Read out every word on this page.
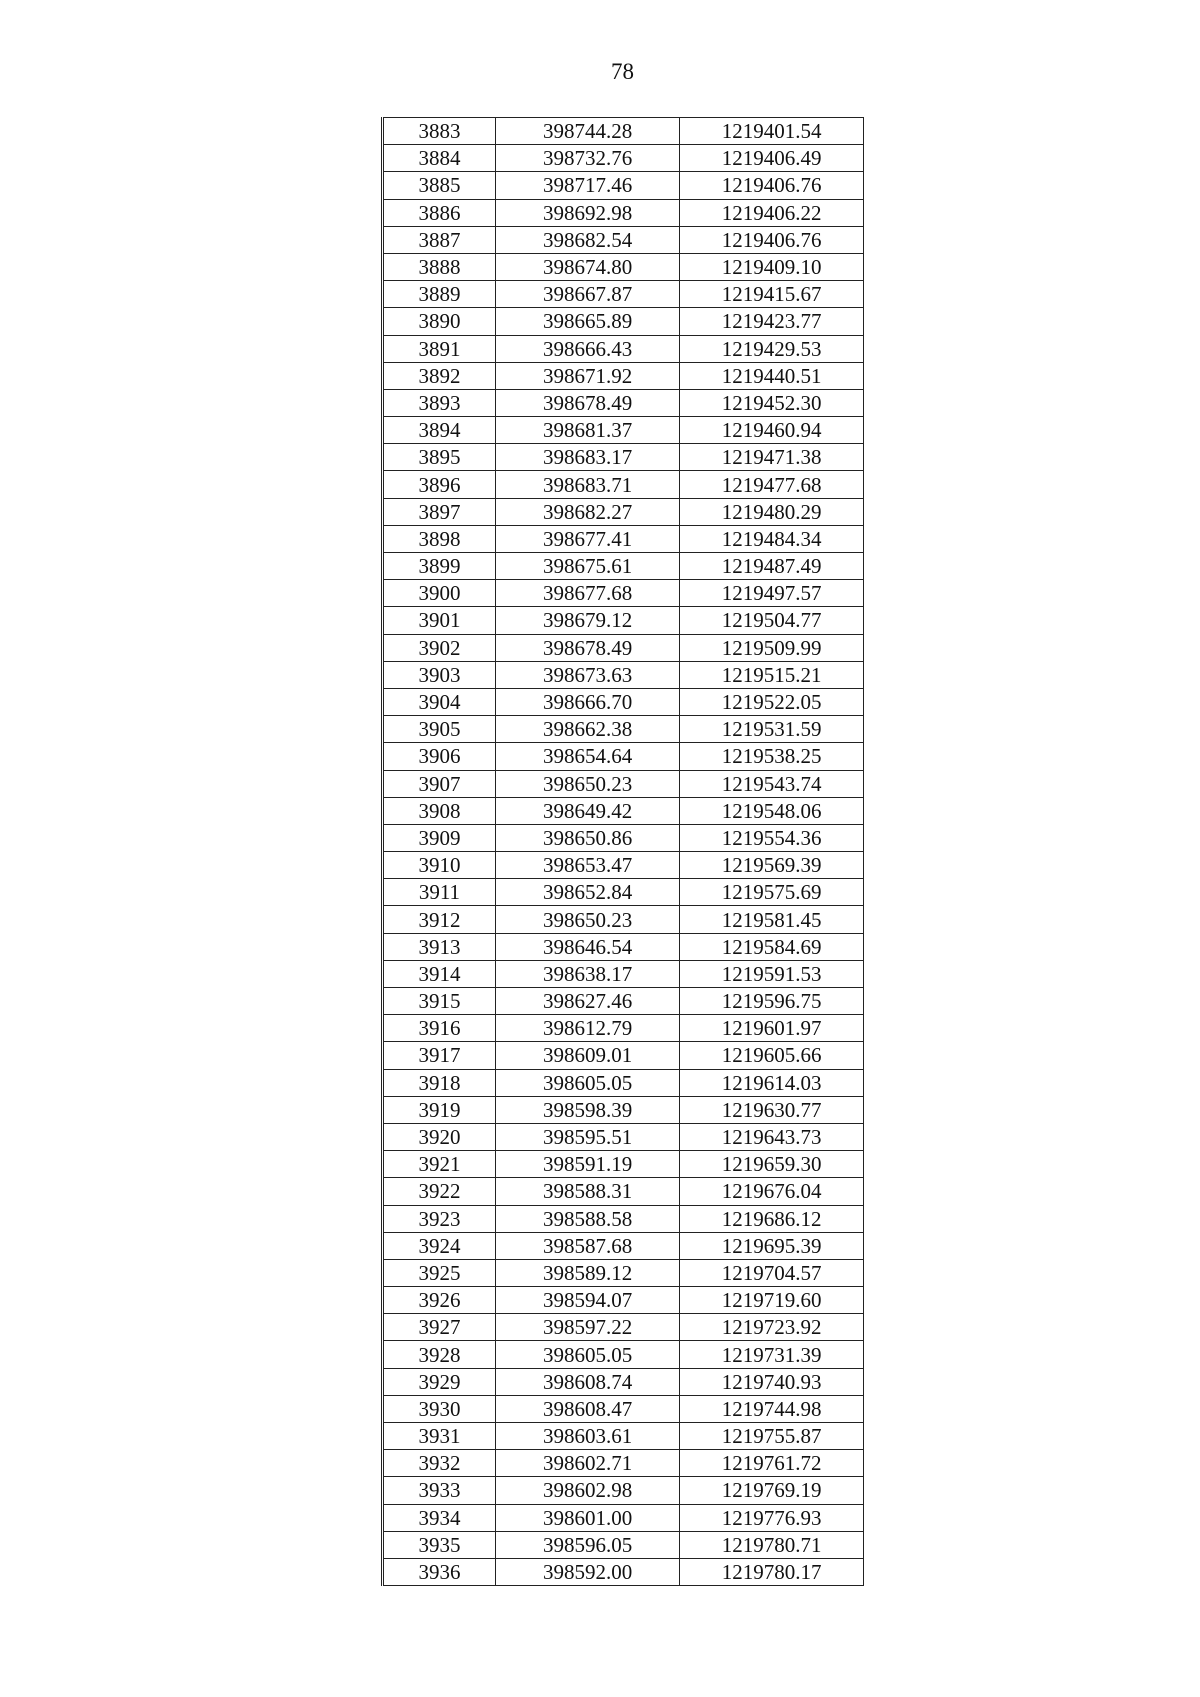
78
3883	398744.28	1219401.54
3884	398732.76	1219406.49
3885	398717.46	1219406.76
3886	398692.98	1219406.22
3887	398682.54	1219406.76
3888	398674.80	1219409.10
3889	398667.87	1219415.67
3890	398665.89	1219423.77
3891	398666.43	1219429.53
3892	398671.92	1219440.51
3893	398678.49	1219452.30
3894	398681.37	1219460.94
3895	398683.17	1219471.38
3896	398683.71	1219477.68
3897	398682.27	1219480.29
3898	398677.41	1219484.34
3899	398675.61	1219487.49
3900	398677.68	1219497.57
3901	398679.12	1219504.77
3902	398678.49	1219509.99
3903	398673.63	1219515.21
3904	398666.70	1219522.05
3905	398662.38	1219531.59
3906	398654.64	1219538.25
3907	398650.23	1219543.74
3908	398649.42	1219548.06
3909	398650.86	1219554.36
3910	398653.47	1219569.39
3911	398652.84	1219575.69
3912	398650.23	1219581.45
3913	398646.54	1219584.69
3914	398638.17	1219591.53
3915	398627.46	1219596.75
3916	398612.79	1219601.97
3917	398609.01	1219605.66
3918	398605.05	1219614.03
3919	398598.39	1219630.77
3920	398595.51	1219643.73
3921	398591.19	1219659.30
3922	398588.31	1219676.04
3923	398588.58	1219686.12
3924	398587.68	1219695.39
3925	398589.12	1219704.57
3926	398594.07	1219719.60
3927	398597.22	1219723.92
3928	398605.05	1219731.39
3929	398608.74	1219740.93
3930	398608.47	1219744.98
3931	398603.61	1219755.87
3932	398602.71	1219761.72
3933	398602.98	1219769.19
3934	398601.00	1219776.93
3935	398596.05	1219780.71
3936	398592.00	1219780.17
